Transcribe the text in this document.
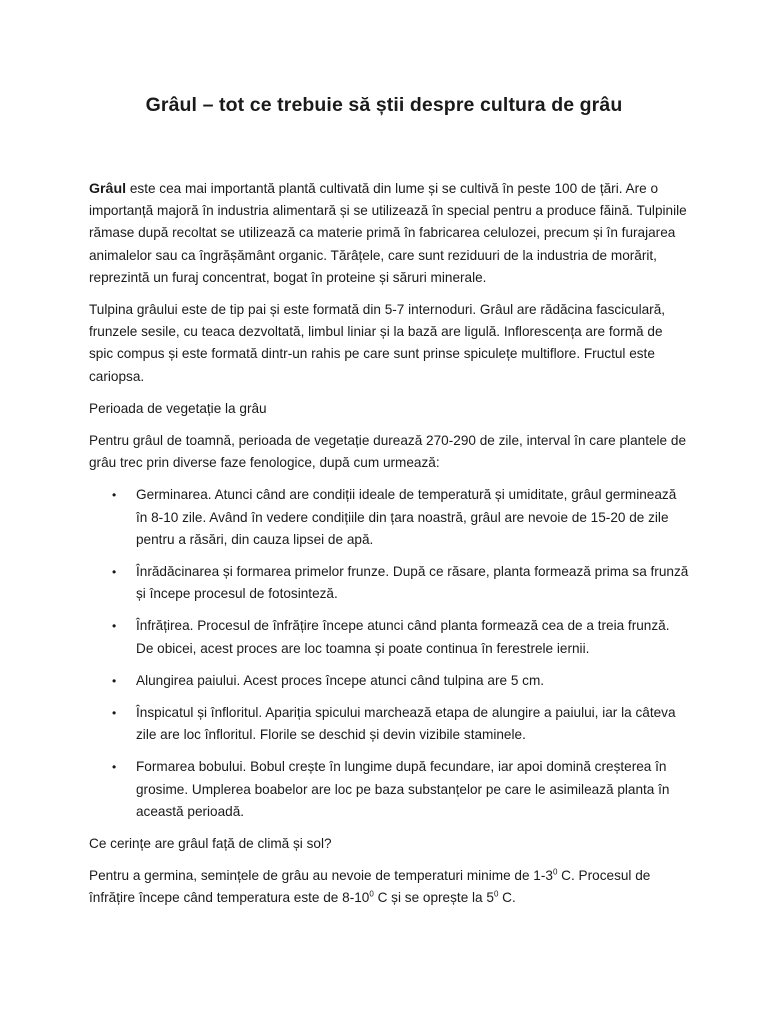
Grâul – tot ce trebuie să știi despre cultura de grâu

Grâul este cea mai importantă plantă cultivată din lume și se cultivă în peste 100 de țări. Are o importanță majoră în industria alimentară și se utilizează în special pentru a produce făină. Tulpinile rămase după recoltat se utilizează ca materie primă în fabricarea celulozei, precum și în furajarea animalelor sau ca îngrășământ organic. Tărâțele, care sunt reziduuri de la industria de morărit, reprezintă un furaj concentrat, bogat în proteine și săruri minerale.

Tulpina grâului este de tip pai și este formată din 5-7 internoduri. Grâul are rădăcina fasciculară, frunzele sesile, cu teaca dezvoltată, limbul liniar și la bază are ligulă. Inflorescența are formă de spic compus și este formată dintr-un rahis pe care sunt prinse spiculețe multiflore. Fructul este cariopsa.

Perioada de vegetație la grâu

Pentru grâul de toamnă, perioada de vegetație durează 270-290 de zile, interval în care plantele de grâu trec prin diverse faze fenologice, după cum urmează:

• Germinarea. Atunci când are condiții ideale de temperatură și umiditate, grâul germinează în 8-10 zile. Având în vedere condițiile din țara noastră, grâul are nevoie de 15-20 de zile pentru a răsări, din cauza lipsei de apă.
• Înrădăcinarea și formarea primelor frunze. După ce răsare, planta formează prima sa frunză și începe procesul de fotosinteză.
• Înfrățirea. Procesul de înfrățire începe atunci când planta formează cea de a treia frunză. De obicei, acest proces are loc toamna și poate continua în ferestrele iernii.
• Alungirea paiului. Acest proces începe atunci când tulpina are 5 cm.
• Înspicatul și înfloritul. Apariția spicului marchează etapa de alungire a paiului, iar la câteva zile are loc înfloritul. Florile se deschid și devin vizibile staminele.
• Formarea bobului. Bobul crește în lungime după fecundare, iar apoi domină creșterea în grosime. Umplerea boabelor are loc pe baza substanțelor pe care le asimilează planta în această perioadă.

Ce cerințe are grâul față de climă și sol?

Pentru a germina, semințele de grâu au nevoie de temperaturi minime de $1-3^0$ C. Procesul de înfrățire începe când temperatura este de $8-10^0$ C și se oprește la $5^0$ C.
